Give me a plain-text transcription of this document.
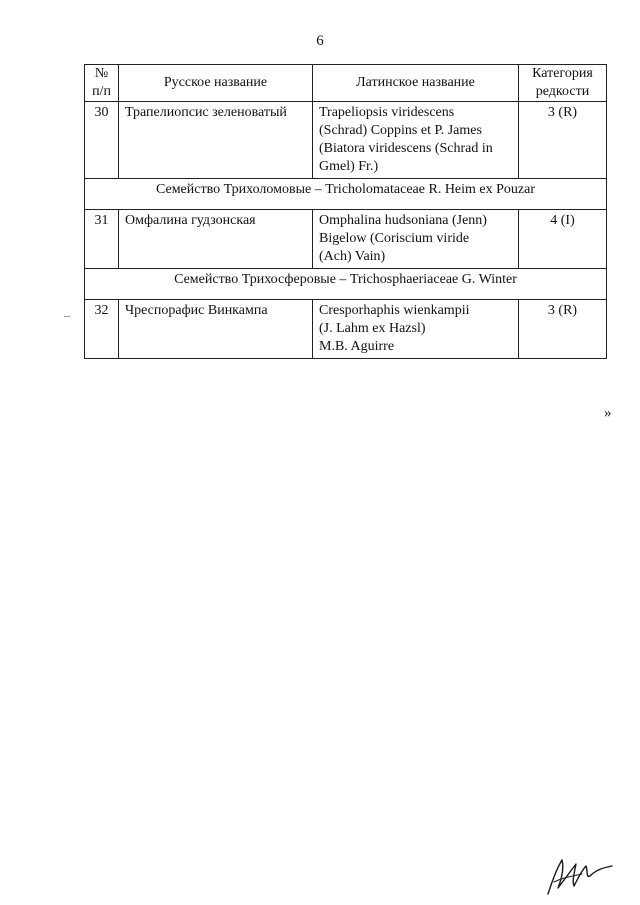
6
№ п/п	Русское название	Латинское название	Категория редкости
30	Трапелиопсис зеленоватый	Trapeliopsis viridescens
(Schrad) Coppins et P. James
(Biatora viridescens (Schrad in
Gmel) Fr.)	3 (R)
Семейство Трихоломовые – Tricholomataceae R. Heim ex Pouzar			
31	Омфалина гудзонская	Omphalina hudsoniana (Jenn)
Bigelow (Coriscium viride
(Ach) Vain)	4 (I)
Семейство Трихосферовые – Trichosphaeriaceae G. Winter			
32	Чреспорафис Винкампа	Cresporhaphis wienkampii
(J. Lahm ex Hazsl)
M.B. Aguirre	3 (R)
»
